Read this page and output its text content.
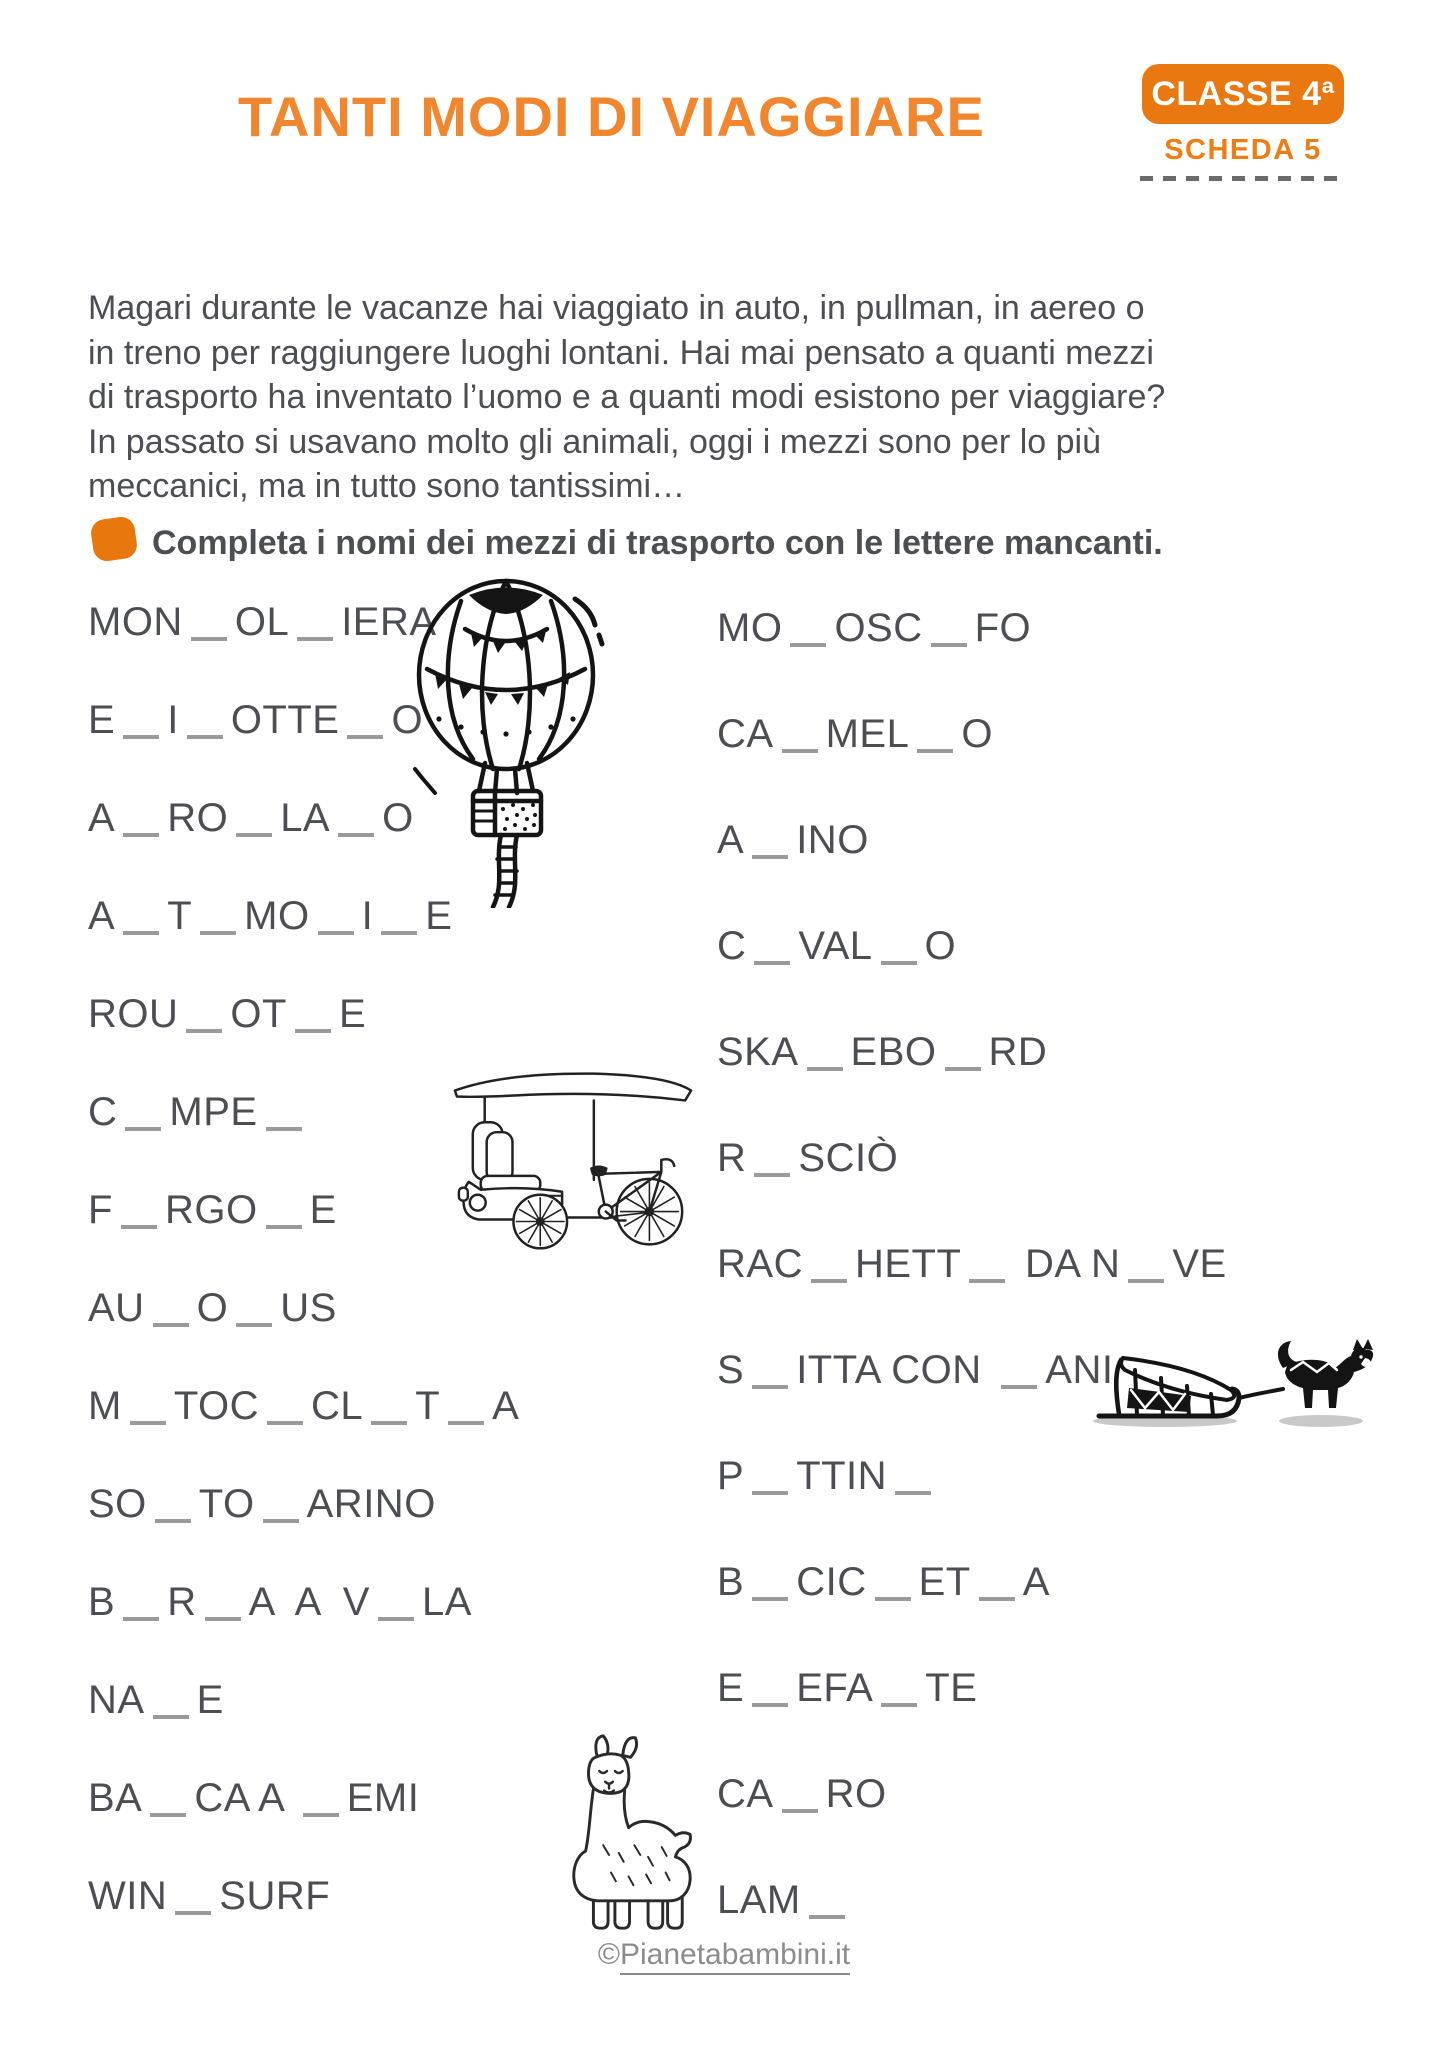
TANTI MODI DI VIAGGIARE	CLASSE 4ª
SCHEDA 5
Magari durante le vacanze hai viaggiato in auto, in pullman, in aereo o
in treno per raggiungere luoghi lontani. Hai mai pensato a quanti mezzi
di trasporto ha inventato l’uomo e a quanti modi esistono per viaggiare?
In passato si usavano molto gli animali, oggi i mezzi sono per lo più
meccanici, ma in tutto sono tantissimi…
Completa i nomi dei mezzi di trasporto con le lettere mancanti.
MON OL IERA
E I OTTE O
A RO LA O
A T MO I E
ROU OT E
C MPE
F RGO E
AU O US
M TOC CL T A
SO TO ARINO
B R A  A  V LA
NA E
BA CA A EMI
WIN SURF
MO OSC FO
CA MEL O
A INO
C VAL O
SKA EBO RD
R SCIÒ
RAC HETT DA N VE
S ITTA CON ANI
P TTIN
B CIC ET A
E EFA TE
CA RO
LAM
©Pianetabambini.it
